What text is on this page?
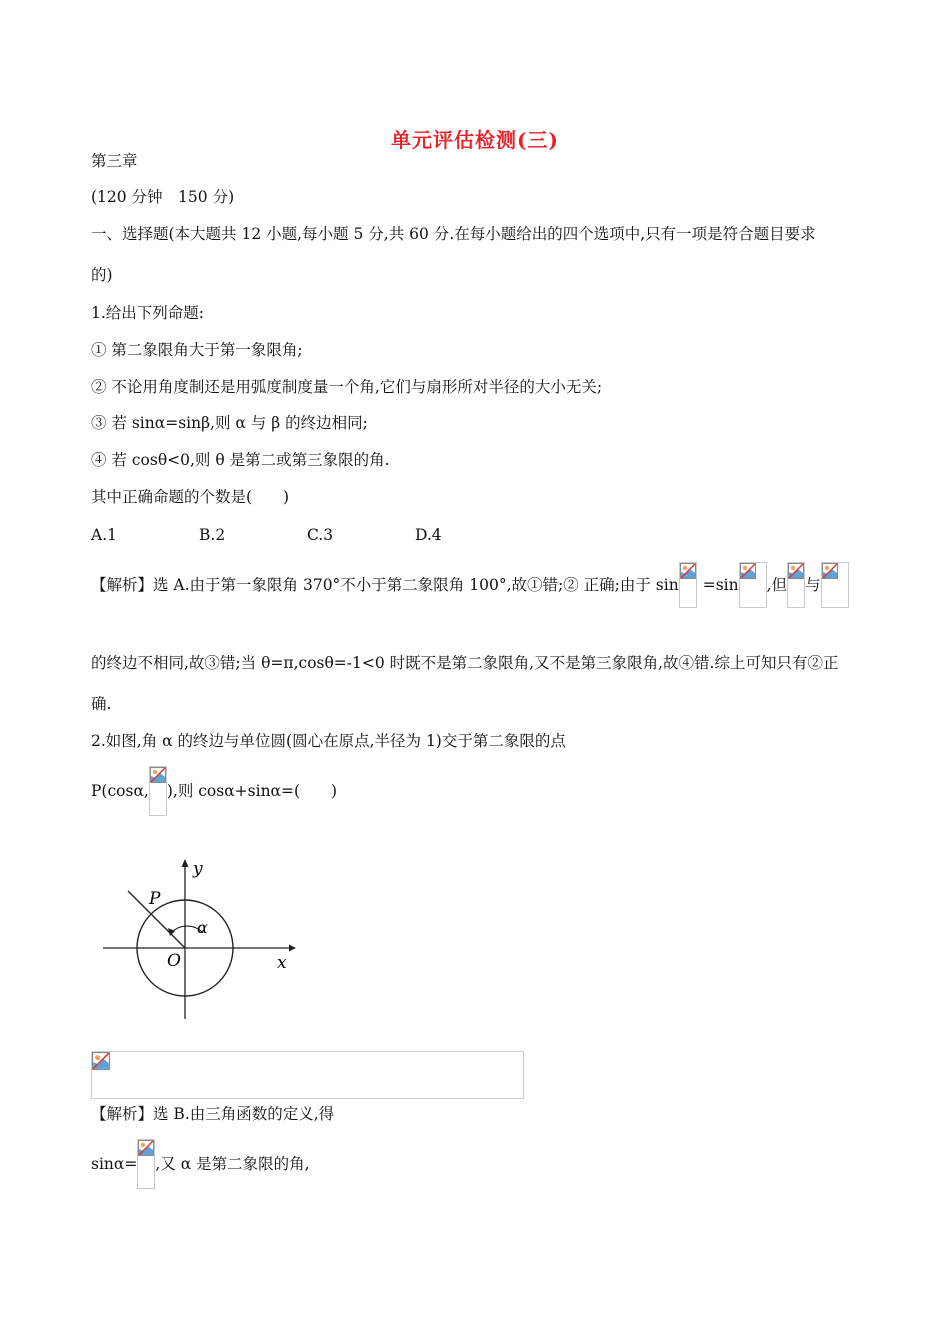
单元评估检测(三)
第三章
(120 分钟　150 分)
一、选择题(本大题共 12 小题,每小题 5 分,共 60 分.在每小题给出的四个选项中,只有一项是符合题目要求
的)
1.给出下列命题:
① 第二象限角大于第一象限角;
② 不论用角度制还是用弧度制度量一个角,它们与扇形所对半径的大小无关;
③ 若 sinα=sinβ,则 α 与 β 的终边相同;
④ 若 cosθ<0,则 θ 是第二或第三象限的角.
其中正确命题的个数是(　　)
A.1	B.2	C.3	D.4
【解析】选 A.由于第一象限角 370°不小于第二象限角 100°,故①错;② 正确;由于 sin =sin ,但 与
的终边不相同,故③错;当 θ=π,cosθ=-1<0 时既不是第二象限角,又不是第三象限角,故④错.综上可知只有②正
确.
2.如图,角 α 的终边与单位圆(圆心在原点,半径为 1)交于第二象限的点
P(cosα, ),则 cosα+sinα=(　　)
y
x
O
P
α
【解析】选 B.由三角函数的定义,得
sinα= ,又 α 是第二象限的角,
